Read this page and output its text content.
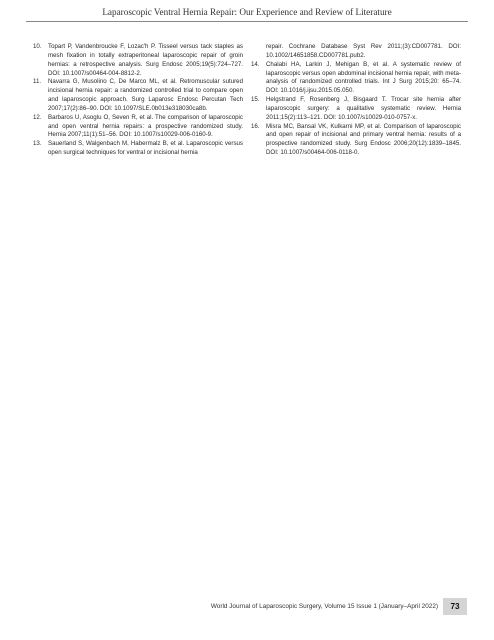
Laparoscopic Ventral Hernia Repair: Our Experience and Review of Literature
10.	Topart P, Vandenbroucke F, Lozac'h P. Tisseel versus tack staples as mesh fixation in totally extraperitoneal laparoscopic repair of groin hernias: a retrospective analysis. Surg Endosc 2005;19(5):724–727. DOI: 10.1007/s00464-004-8812-2.
11.	Navarra G, Musolino C, De Marco ML, et al. Retromuscular sutured incisional hernia repair: a randomized controlled trial to compare open and laparoscopic approach. Surg Laparosc Endosc Percutan Tech 2007;17(2):86–90. DOI: 10.1097/SLE.0b013e318030ca8b.
12.	Barbaros U, Asoglu O, Seven R, et al. The comparison of laparoscopic and open ventral hernia repairs: a prospective randomized study. Hernia 2007;11(1):51–56. DOI: 10.1007/s10029-006-0160-9.
13.	Sauerland S, Walgenbach M, Habermalz B, et al. Laparoscopic versus open surgical techniques for ventral or incisional hernia
repair. Cochrane Database Syst Rev 2011;(3):CD007781. DOI: 10.1002/14651858.CD007781.pub2.
14.	Chalabi HA, Larkin J, Mehigan B, et al. A systematic review of laparoscopic versus open abdominal incisional hernia repair, with meta-analysis of randomized controlled trials. Int J Surg 2015;20: 65–74. DOI: 10.1016/j.ijsu.2015.05.050.
15.	Helgstrand F, Rosenberg J, Bisgaard T. Trocar site hernia after laparoscopic surgery: a qualitative systematic review. Hernia 2011;15(2):113–121. DOI: 10.1007/s10029-010-0757-x.
16.	Misra MC, Bansal VK, Kulkarni MP, et al. Comparison of laparoscopic and open repair of incisional and primary ventral hernia: results of a prospective randomized study. Surg Endosc 2006;20(12):1839–1845. DOI: 10.1007/s00464-006-0118-0.
World Journal of Laparoscopic Surgery, Volume 15 Issue 1 (January–April 2022)	73
